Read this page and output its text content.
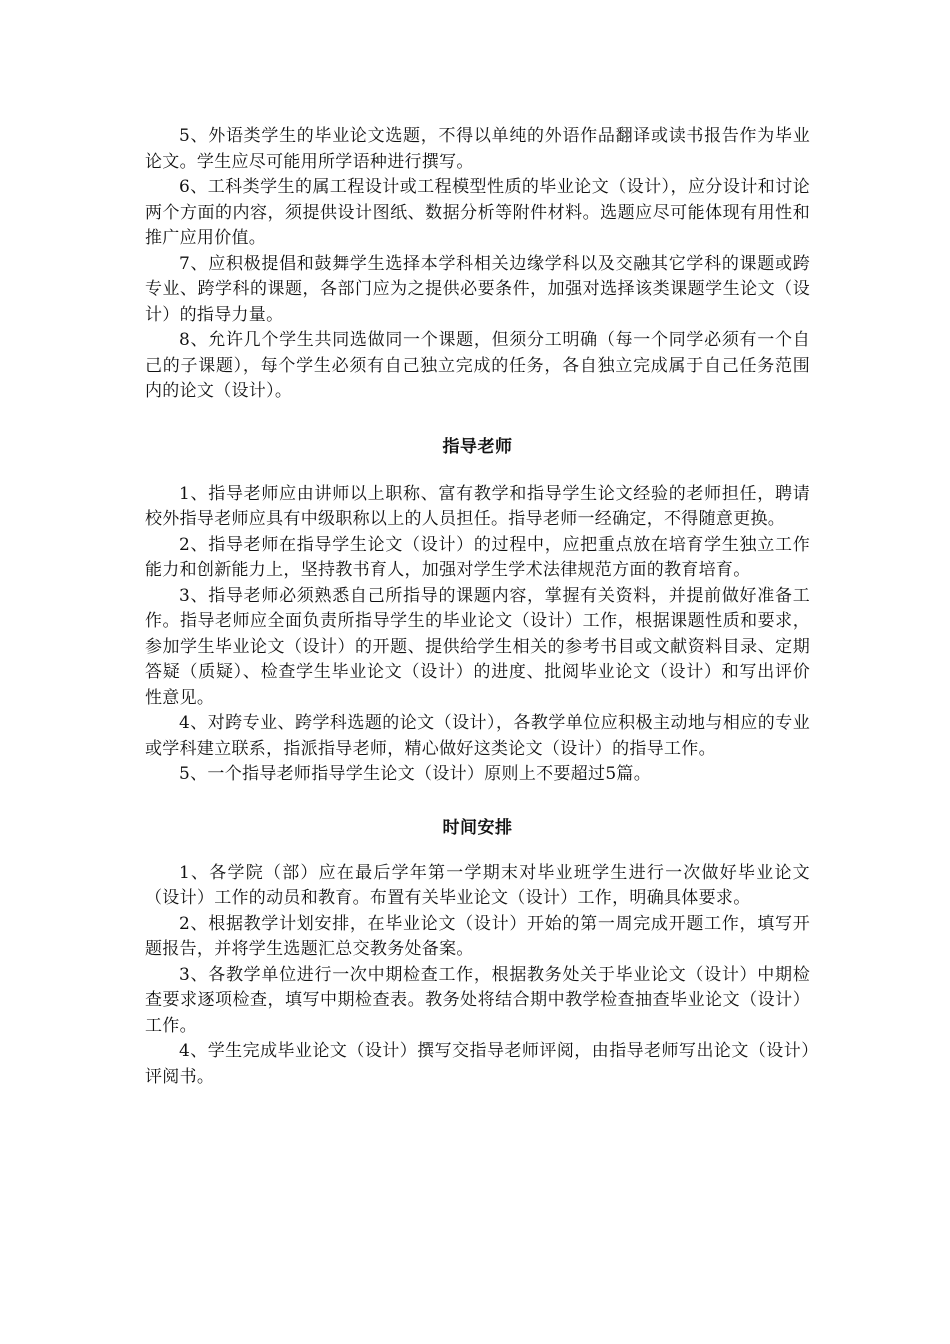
5、外语类学生的毕业论文选题，不得以单纯的外语作品翻译或读书报告作为毕业论文。学生应尽可能用所学语种进行撰写。

6、工科类学生的属工程设计或工程模型性质的毕业论文（设计），应分设计和讨论两个方面的内容，须提供设计图纸、数据分析等附件材料。选题应尽可能体现有用性和推广应用价值。

7、应积极提倡和鼓舞学生选择本学科相关边缘学科以及交融其它学科的课题或跨专业、跨学科的课题，各部门应为之提供必要条件，加强对选择该类课题学生论文（设计）的指导力量。

8、允许几个学生共同选做同一个课题，但须分工明确（每一个同学必须有一个自己的子课题），每个学生必须有自己独立完成的任务，各自独立完成属于自己任务范围内的论文（设计）。

指导老师

1、指导老师应由讲师以上职称、富有教学和指导学生论文经验的老师担任，聘请校外指导老师应具有中级职称以上的人员担任。指导老师一经确定，不得随意更换。

2、指导老师在指导学生论文（设计）的过程中，应把重点放在培育学生独立工作能力和创新能力上，坚持教书育人，加强对学生学术法律规范方面的教育培育。

3、指导老师必须熟悉自己所指导的课题内容，掌握有关资料，并提前做好准备工作。指导老师应全面负责所指导学生的毕业论文（设计）工作，根据课题性质和要求，参加学生毕业论文（设计）的开题、提供给学生相关的参考书目或文献资料目录、定期答疑（质疑）、检查学生毕业论文（设计）的进度、批阅毕业论文（设计）和写出评价性意见。

4、对跨专业、跨学科选题的论文（设计），各教学单位应积极主动地与相应的专业或学科建立联系，指派指导老师，精心做好这类论文（设计）的指导工作。

5、一个指导老师指导学生论文（设计）原则上不要超过5篇。

时间安排

1、各学院（部）应在最后学年第一学期末对毕业班学生进行一次做好毕业论文（设计）工作的动员和教育。布置有关毕业论文（设计）工作，明确具体要求。

2、根据教学计划安排，在毕业论文（设计）开始的第一周完成开题工作，填写开题报告，并将学生选题汇总交教务处备案。

3、各教学单位进行一次中期检查工作，根据教务处关于毕业论文（设计）中期检查要求逐项检查，填写中期检查表。教务处将结合期中教学检查抽查毕业论文（设计）工作。

4、学生完成毕业论文（设计）撰写交指导老师评阅，由指导老师写出论文（设计）评阅书。
